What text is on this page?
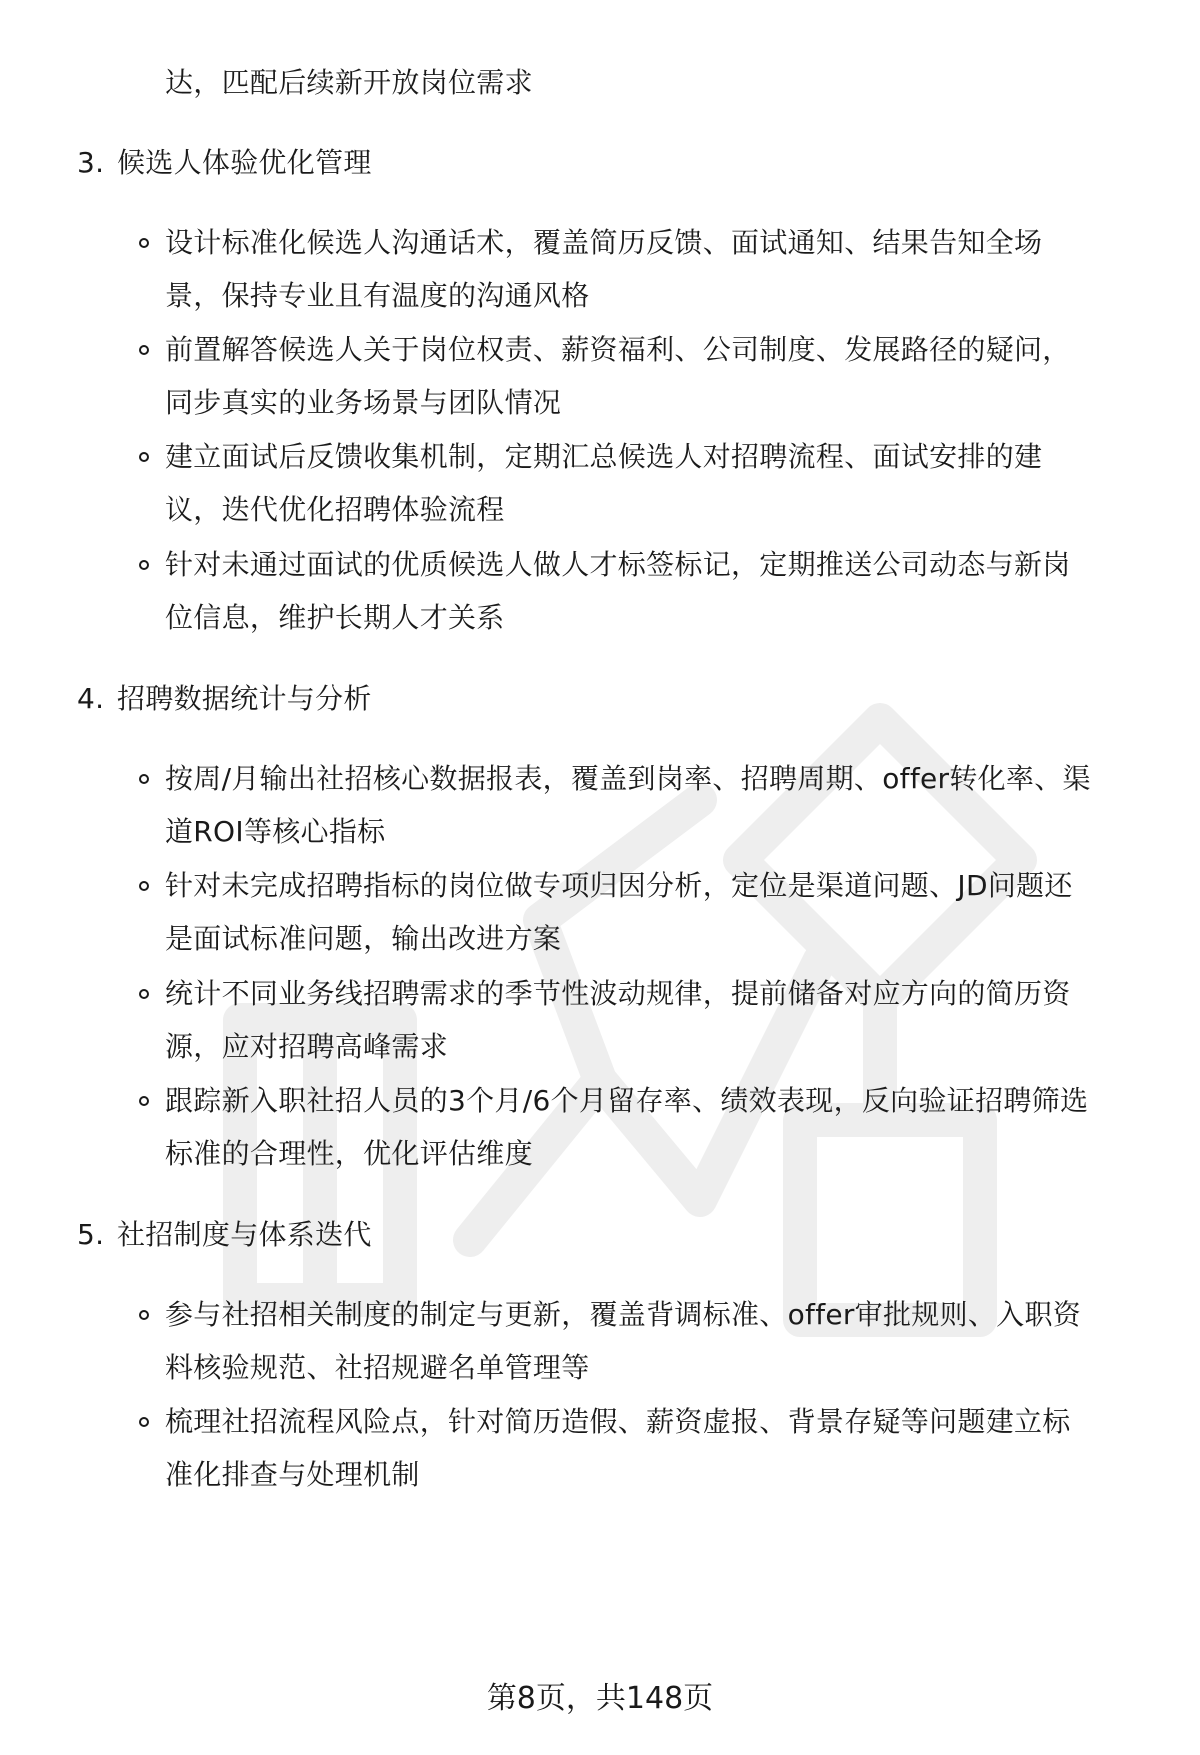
达，匹配后续新开放岗位需求
3. 候选人体验优化管理
设计标准化候选人沟通话术，覆盖简历反馈、面试通知、结果告知全场
景，保持专业且有温度的沟通风格
前置解答候选人关于岗位权责、薪资福利、公司制度、发展路径的疑问，
同步真实的业务场景与团队情况
建立面试后反馈收集机制，定期汇总候选人对招聘流程、面试安排的建
议，迭代优化招聘体验流程
针对未通过面试的优质候选人做人才标签标记，定期推送公司动态与新岗
位信息，维护长期人才关系
4. 招聘数据统计与分析
按周/月输出社招核心数据报表，覆盖到岗率、招聘周期、offer转化率、渠
道ROI等核心指标
针对未完成招聘指标的岗位做专项归因分析，定位是渠道问题、JD问题还
是面试标准问题，输出改进方案
统计不同业务线招聘需求的季节性波动规律，提前储备对应方向的简历资
源，应对招聘高峰需求
跟踪新入职社招人员的3个月/6个月留存率、绩效表现，反向验证招聘筛选
标准的合理性，优化评估维度
5. 社招制度与体系迭代
参与社招相关制度的制定与更新，覆盖背调标准、offer审批规则、入职资
料核验规范、社招规避名单管理等
梳理社招流程风险点，针对简历造假、薪资虚报、背景存疑等问题建立标
准化排查与处理机制
第8页，共148页
